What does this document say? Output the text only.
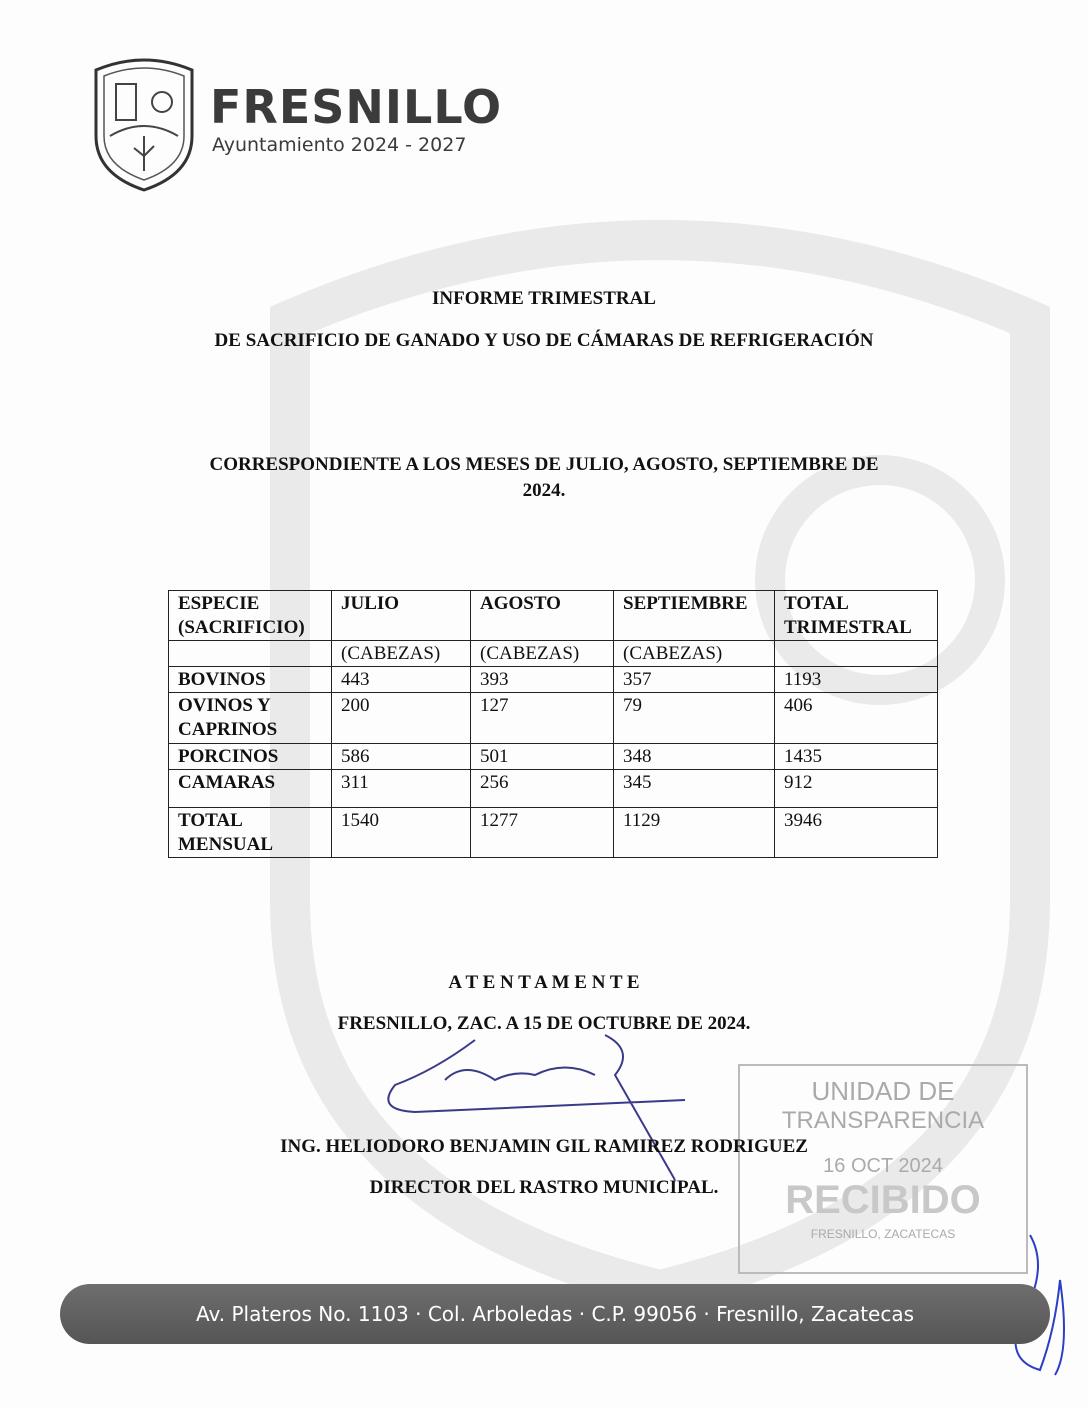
FRESNILLO
Ayuntamiento 2024 - 2027
INFORME TRIMESTRAL
DE SACRIFICIO DE GANADO Y USO DE CÁMARAS DE REFRIGERACIÓN
CORRESPONDIENTE A LOS MESES DE JULIO, AGOSTO, SEPTIEMBRE DE
2024.
ESPECIE (SACRIFICIO)	JULIO	AGOSTO	SEPTIEMBRE	TOTAL TRIMESTRAL
	(CABEZAS)	(CABEZAS)	(CABEZAS)	
BOVINOS	443	393	357	1193
OVINOS Y CAPRINOS	200	127	79	406
PORCINOS	586	501	348	1435
CAMARAS	311	256	345	912
TOTAL MENSUAL	1540	1277	1129	3946
A T E N T A M E N T E
FRESNILLO, ZAC. A 15 DE OCTUBRE DE 2024.
UNIDAD DE
TRANSPARENCIA
16 OCT 2024
RECIBIDO
FRESNILLO, ZACATECAS
ING. HELIODORO BENJAMIN GIL RAMIREZ RODRIGUEZ
DIRECTOR DEL RASTRO MUNICIPAL.
Av. Plateros No. 1103 · Col. Arboledas · C.P. 99056 · Fresnillo, Zacatecas
